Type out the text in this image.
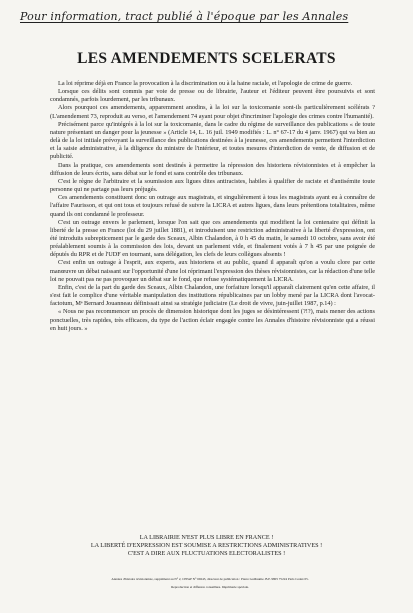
Pour information, tract publié à l'époque par les Annales
LES AMENDEMENTS SCELERATS

La loi réprime déjà en France la provocation à la discrimination ou à la haine raciale, et l'apologie de crime de guerre.

Lorsque ces délits sont commis par voie de presse ou de librairie, l'auteur et l'éditeur peuvent être poursuivis et sont condamnés, parfois lourdement, par les tribunaux.

Alors pourquoi ces amendements, apparemment anodins, à la loi sur la toxicomanie sont-ils particulièrement scélérats ? (L'amendement 73, reproduit au verso, et l'amendement 74 ayant pour objet d'incriminer l'apologie des crimes contre l'humanité).

Précisément parce qu'intégrés à la loi sur la toxicomanie, dans le cadre du régime de surveillance des publications « de toute nature présentant un danger pour la jeunesse » (Article 14, L. 16 juil. 1949 modifiés : L. n° 67-17 du 4 janv. 1967) qui va bien au delà de la loi initiale prévoyant la surveillance des publications destinées à la jeunesse, ces amendements permettent l'interdiction et la saisie administrative, à la diligence du ministre de l'intérieur, et toutes mesures d'interdiction de vente, de diffusion et de publicité.

Dans la pratique, ces amendements sont destinés à permettre la répression des historiens révisionnistes et à empêcher la diffusion de leurs écrits, sans débat sur le fond et sans contrôle des tribunaux.

C'est le règne de l'arbitraire et la soumission aux ligues dites antiracistes, habiles à qualifier de raciste et d'antisémite toute personne qui ne partage pas leurs préjugés.

Ces amendements constituent donc un outrage aux magistrats, et singulièrement à tous les magistrats ayant eu à connaître de l'affaire Faurisson, et qui ont tous et toujours refusé de suivre la LICRA et autres ligues, dans leurs prétentions totalitaires, même quand ils ont condamné le professeur.

C'est un outrage envers le parlement, lorsque l'on sait que ces amendements qui modifient la loi centenaire qui définit la liberté de la presse en France (loi du 29 juillet 1881), et introduisent une restriction administrative à la liberté d'expression, ont été introduits subrepticement par le garde des Sceaux, Albin Chalandon, à 0 h 45 du matin, le samedi 10 octobre, sans avoir été préalablement soumis à la commission des lois, devant un parlement vide, et finalement votés à 7 h 45 par une poignée de députés du RPR et de l'UDF en tournant, sans délégation, les clefs de leurs collègues absents !

C'est enfin un outrage à l'esprit, aux experts, aux historiens et au public, quand il apparaît qu'on a voulu clore par cette manœuvre un débat naissant sur l'opportunité d'une loi réprimant l'expression des thèses révisionnistes, car la rédaction d'une telle loi ne pouvait pas ne pas provoquer un débat sur le fond, que refuse systématiquement la LICRA.

Enfin, c'est de la part du garde des Sceaux, Albin Chalandon, une forfaiture lorsqu'il apparaît clairement qu'en cette affaire, il s'est fait le complice d'une véritable manipulation des institutions républicaines par un lobby mené par la LICRA dont l'avocat-factotum, Mᵉ Bernard Jouanneau définissait ainsi sa stratégie judiciaire (Le droit de vivre, juin-juillet 1987, p.14) :

« Nous ne pas recommencer un procès de dimension historique dont les juges se désintéressent (?!?), mais mener des actions ponctuelles, très rapides, très efficaces, du type de l'action éclair engagée contre les Annales d'histoire révisionniste qui a réussi en huit jours. »

LA LIBRAIRIE N'EST PLUS LIBRE EN FRANCE !

LA LIBERTÉ D'EXPRESSION EST SOUMISE A RESTRICTIONS ADMINISTRATIVES !

C'EST A DIRE AUX FLUCTUATIONS ELECTORALISTES !

Annales d'histoire révisionniste, supplément au N° 2, CPPAP N° 69243, directeur de publication : Pierre Guillaume. B.P. 9805 75224 Paris Cedex 05.

Reproduction et diffusion conseillées. Imprimerie spéciale.
